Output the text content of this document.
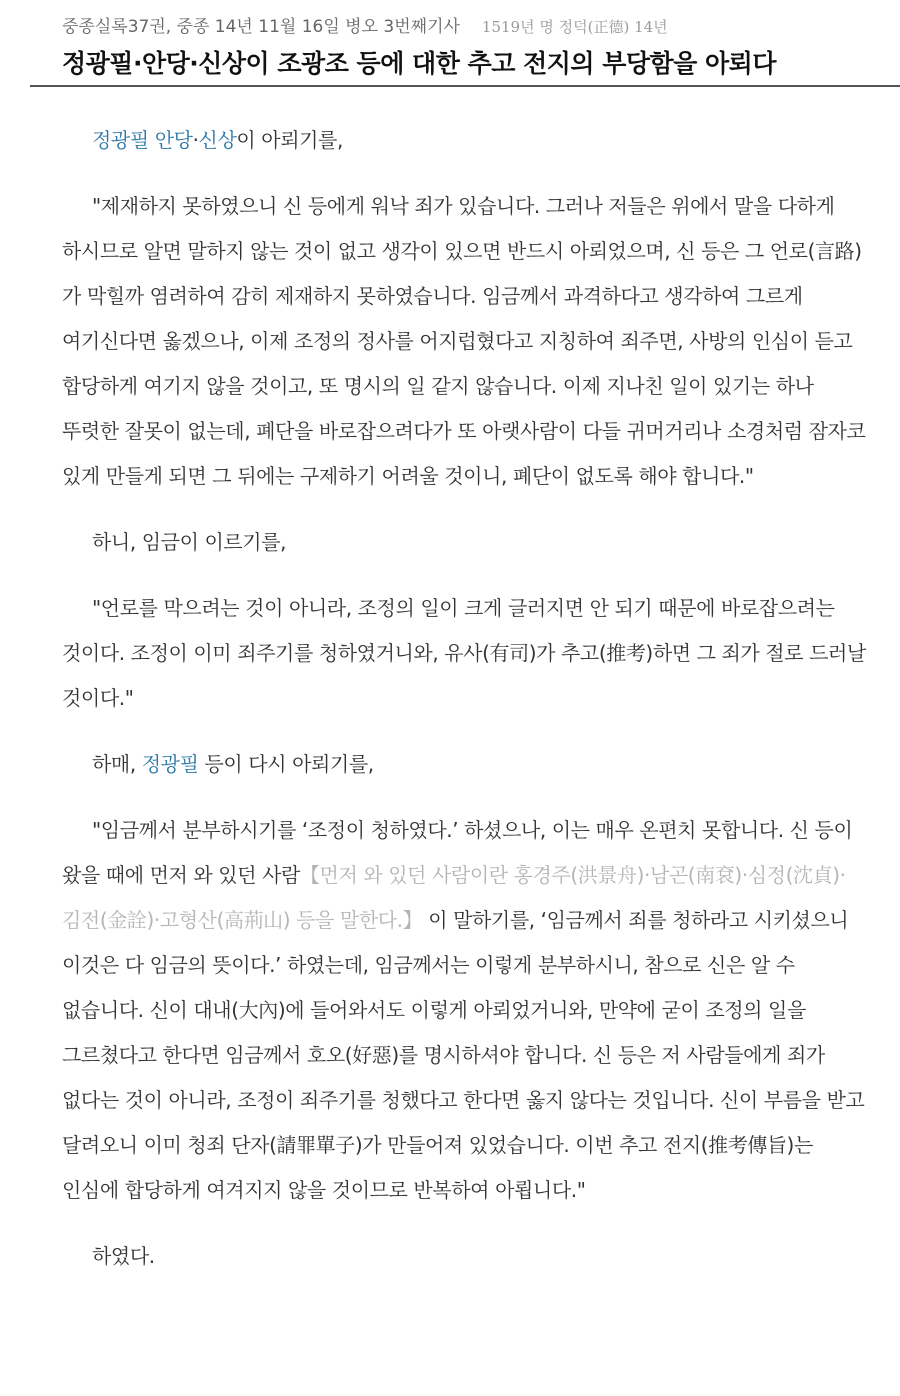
중종실록37권, 중종 14년 11월 16일 병오 3번째기사 1519년 명 정덕(正德) 14년
정광필·안당·신상이 조광조 등에 대한 추고 전지의 부당함을 아뢰다

정광필 안당·신상이 아뢰기를,

"제재하지 못하였으니 신 등에게 워낙 죄가 있습니다. 그러나 저들은 위에서 말을 다하게 하시므로 알면 말하지 않는 것이 없고 생각이 있으면 반드시 아뢰었으며, 신 등은 그 언로(言路)가 막힐까 염려하여 감히 제재하지 못하였습니다. 임금께서 과격하다고 생각하여 그르게 여기신다면 옳겠으나, 이제 조정의 정사를 어지럽혔다고 지칭하여 죄주면, 사방의 인심이 듣고 합당하게 여기지 않을 것이고, 또 명시의 일 같지 않습니다. 이제 지나친 일이 있기는 하나 뚜렷한 잘못이 없는데, 폐단을 바로잡으려다가 또 아랫사람이 다들 귀머거리나 소경처럼 잠자코 있게 만들게 되면 그 뒤에는 구제하기 어려울 것이니, 폐단이 없도록 해야 합니다."

하니, 임금이 이르기를,

"언로를 막으려는 것이 아니라, 조정의 일이 크게 글러지면 안 되기 때문에 바로잡으려는 것이다. 조정이 이미 죄주기를 청하였거니와, 유사(有司)가 추고(推考)하면 그 죄가 절로 드러날 것이다."

하매, 정광필 등이 다시 아뢰기를,

"임금께서 분부하시기를 ‘조정이 청하였다.’ 하셨으나, 이는 매우 온편치 못합니다. 신 등이 왔을 때에 먼저 와 있던 사람【먼저 와 있던 사람이란 홍경주(洪景舟)·남곤(南袞)·심정(沈貞)·김전(金詮)·고형산(高荊山) 등을 말한다.】 이 말하기를, ‘임금께서 죄를 청하라고 시키셨으니 이것은 다 임금의 뜻이다.’ 하였는데, 임금께서는 이렇게 분부하시니, 참으로 신은 알 수 없습니다. 신이 대내(大內)에 들어와서도 이렇게 아뢰었거니와, 만약에 굳이 조정의 일을 그르쳤다고 한다면 임금께서 호오(好惡)를 명시하셔야 합니다. 신 등은 저 사람들에게 죄가 없다는 것이 아니라, 조정이 죄주기를 청했다고 한다면 옳지 않다는 것입니다. 신이 부름을 받고 달려오니 이미 청죄 단자(請罪單子)가 만들어져 있었습니다. 이번 추고 전지(推考傳旨)는 인심에 합당하게 여겨지지 않을 것이므로 반복하여 아룁니다."

하였다.
